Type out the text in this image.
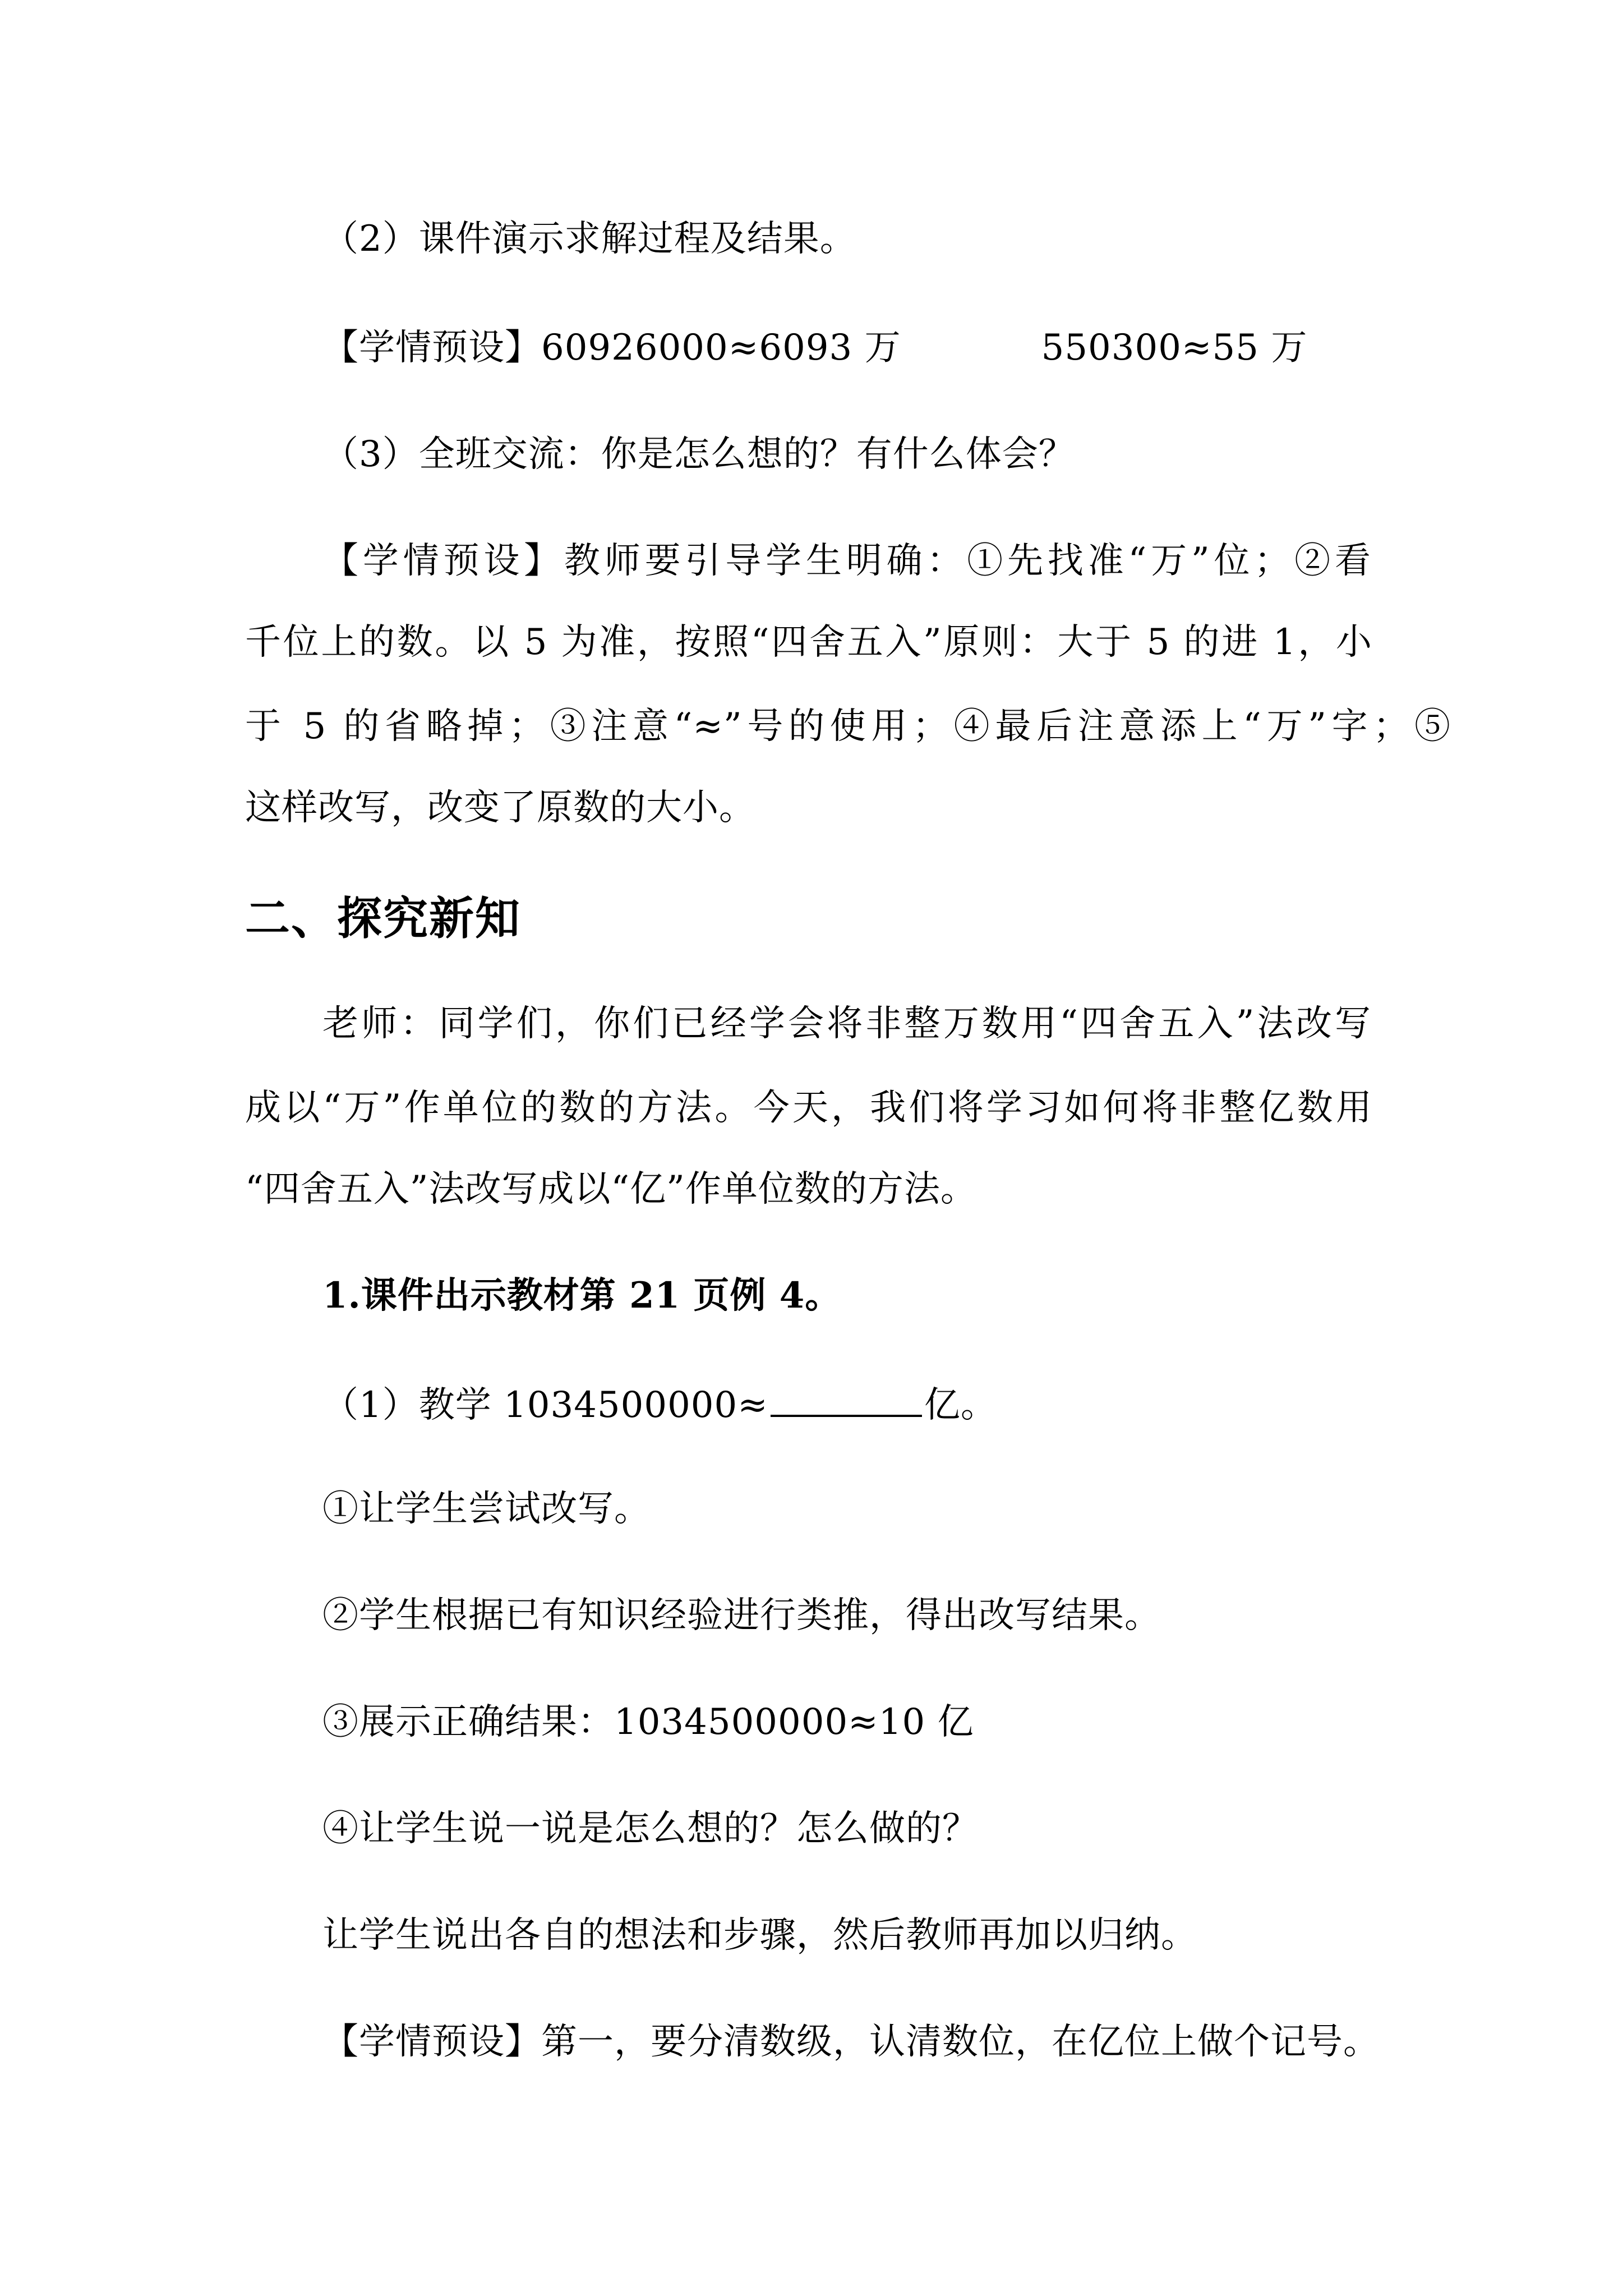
（2）课件演示求解过程及结果。

【学情预设】60926000≈6093 万	550300≈55 万

（3）全班交流：你是怎么想的？有什么体会？

【学情预设】教师要引导学生明确：①先找准“万”位；②看

千位上的数。以 5 为准，按照“四舍五入”原则：大于 5 的进 1，小

于 5 的省略掉；③注意“≈”号的使用；④最后注意添上“万”字；⑤

这样改写，改变了原数的大小。

二、探究新知

老师：同学们，你们已经学会将非整万数用“四舍五入”法改写

成以“万”作单位的数的方法。今天，我们将学习如何将非整亿数用

“四舍五入”法改写成以“亿”作单位数的方法。

1.课件出示教材第 21 页例 4。

（1）教学 1034500000≈	亿。

①让学生尝试改写。

②学生根据已有知识经验进行类推，得出改写结果。

③展示正确结果：1034500000≈10 亿

④让学生说一说是怎么想的？怎么做的？

让学生说出各自的想法和步骤，然后教师再加以归纳。

【学情预设】第一，要分清数级，认清数位，在亿位上做个记号。
